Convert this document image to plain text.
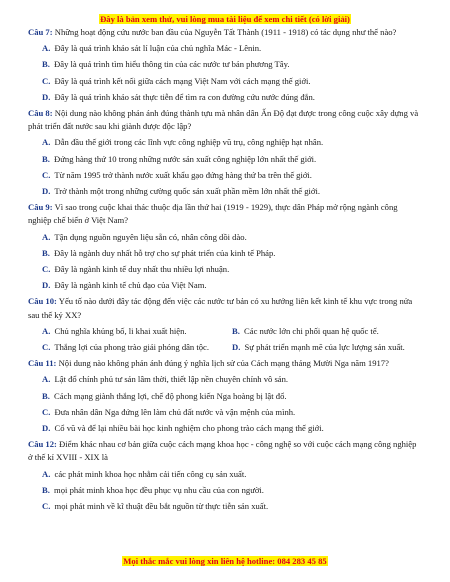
Đây là bản xem thử, vui lòng mua tài liệu để xem chi tiết (có lời giải)
Câu 7: Những hoạt động cứu nước ban đầu của Nguyễn Tất Thành (1911 - 1918) có tác dụng như thế nào?
A. Đây là quá trình khảo sát lí luận của chủ nghĩa Mác - Lênin.
B. Đây là quá trình tìm hiểu thông tin của các nước tư bản phương Tây.
C. Đây là quá trình kết nối giữa cách mạng Việt Nam với cách mạng thế giới.
D. Đây là quá trình khảo sát thực tiễn để tìm ra con đường cứu nước đúng đắn.
Câu 8: Nội dung nào không phản ánh đúng thành tựu mà nhân dân Ấn Độ đạt được trong công cuộc xây dựng và phát triển đất nước sau khi giành được độc lập?
A. Dẫn đầu thế giới trong các lĩnh vực công nghiệp vũ trụ, công nghiệp hạt nhân.
B. Đứng hàng thứ 10 trong những nước sản xuất công nghiệp lớn nhất thế giới.
C. Từ năm 1995 trở thành nước xuất khẩu gạo đứng hàng thứ ba trên thế giới.
D. Trở thành một trong những cường quốc sản xuất phần mềm lớn nhất thế giới.
Câu 9: Vì sao trong cuộc khai thác thuộc địa lần thứ hai (1919 - 1929), thực dân Pháp mở rộng ngành công nghiệp chế biến ở Việt Nam?
A. Tận dụng nguồn nguyên liệu sẵn có, nhân công dồi dào.
B. Đây là ngành duy nhất hỗ trợ cho sự phát triển của kinh tế Pháp.
C. Đây là ngành kinh tế duy nhất thu nhiều lợi nhuận.
D. Đây là ngành kinh tế chủ đạo của Việt Nam.
Câu 10: Yếu tố nào dưới đây tác động đến việc các nước tư bản có xu hướng liên kết kinh tế khu vực trong nửa sau thế kỷ XX?
A. Chủ nghĩa khủng bố, li khai xuất hiện.	B. Các nước lớn chi phối quan hệ quốc tế.
C. Thắng lợi của phong trào giải phóng dân tộc.	D. Sự phát triển mạnh mẽ của lực lượng sản xuất.
Câu 11: Nội dung nào không phản ánh đúng ý nghĩa lịch sử của Cách mạng tháng Mười Nga năm 1917?
A. Lật đổ chính phủ tư sản lâm thời, thiết lập nền chuyên chính vô sản.
B. Cách mạng giành thắng lợi, chế độ phong kiến Nga hoàng bị lật đổ.
C. Đưa nhân dân Nga đứng lên làm chủ đất nước và vận mệnh của mình.
D. Cổ vũ và để lại nhiều bài học kinh nghiệm cho phong trào cách mạng thế giới.
Câu 12: Điểm khác nhau cơ bản giữa cuộc cách mạng khoa học - công nghệ so với cuộc cách mạng công nghiệp ở thế kỉ XVIII - XIX là
A. các phát minh khoa học nhằm cải tiến công cụ sản xuất.
B. mọi phát minh khoa học đều phục vụ nhu cầu của con người.
C. mọi phát minh về kĩ thuật đều bắt nguồn từ thực tiễn sản xuất.
Mọi thắc mắc vui lòng xin liên hệ hotline: 084 283 45 85
